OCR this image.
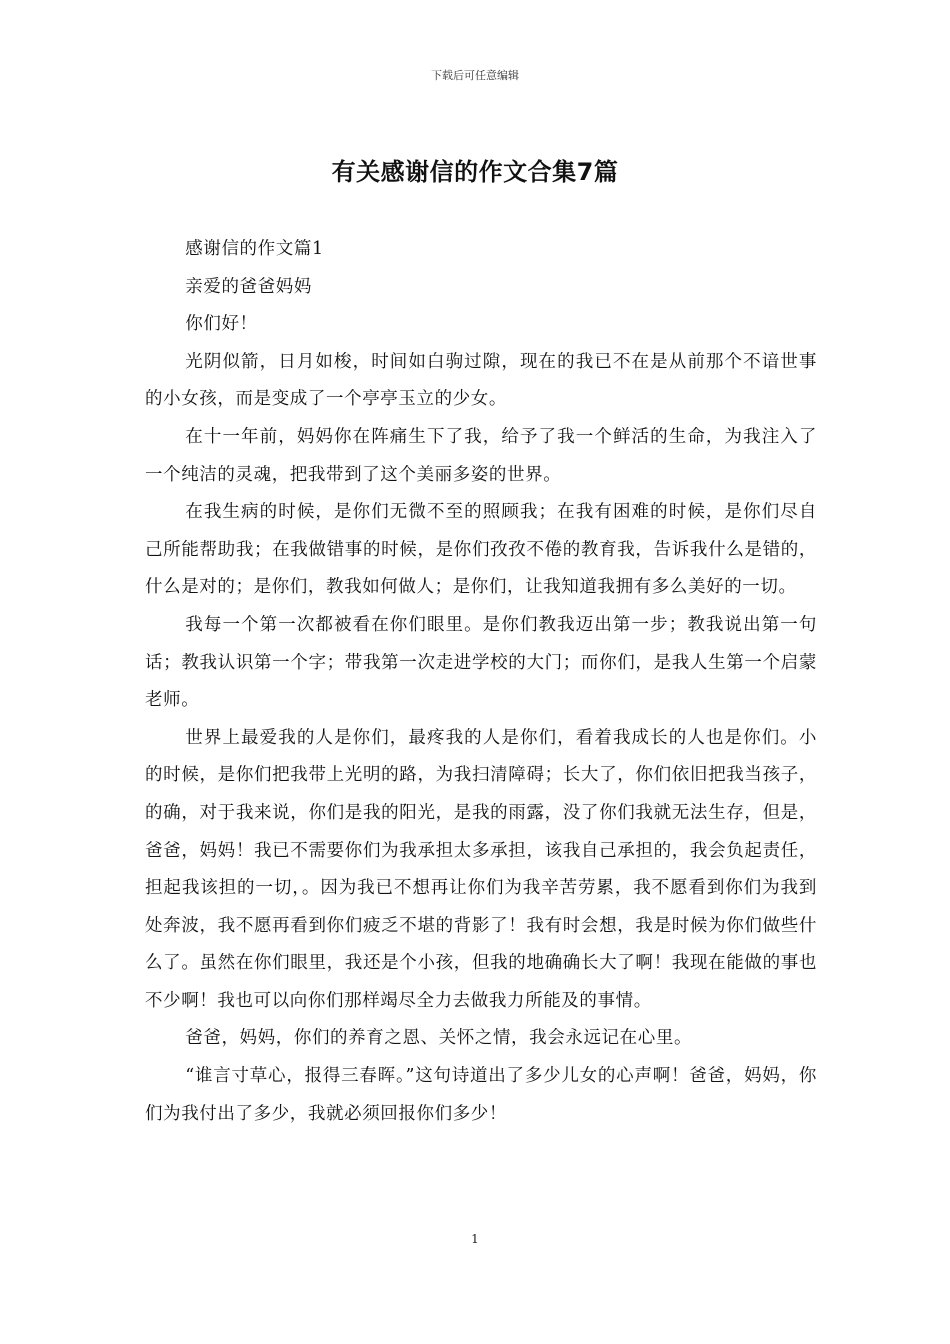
下载后可任意编辑
有关感谢信的作文合集7篇

感谢信的作文篇1

亲爱的爸爸妈妈

你们好！

光阴似箭，日月如梭，时间如白驹过隙，现在的我已不在是从前那个不谙世事的小女孩，而是变成了一个亭亭玉立的少女。

在十一年前，妈妈你在阵痛生下了我，给予了我一个鲜活的生命，为我注入了一个纯洁的灵魂，把我带到了这个美丽多姿的世界。

在我生病的时候，是你们无微不至的照顾我；在我有困难的时候，是你们尽自己所能帮助我；在我做错事的时候，是你们孜孜不倦的教育我，告诉我什么是错的，什么是对的；是你们，教我如何做人；是你们，让我知道我拥有多么美好的一切。

我每一个第一次都被看在你们眼里。是你们教我迈出第一步；教我说出第一句话；教我认识第一个字；带我第一次走进学校的大门；而你们，是我人生第一个启蒙老师。

世界上最爱我的人是你们，最疼我的人是你们，看着我成长的人也是你们。小的时候，是你们把我带上光明的路，为我扫清障碍；长大了，你们依旧把我当孩子，的确，对于我来说，你们是我的阳光，是我的雨露，没了你们我就无法生存，但是，爸爸，妈妈！我已不需要你们为我承担太多承担，该我自己承担的，我会负起责任，担起我该担的一切，。因为我已不想再让你们为我辛苦劳累，我不愿看到你们为我到处奔波，我不愿再看到你们疲乏不堪的背影了！我有时会想，我是时候为你们做些什么了。虽然在你们眼里，我还是个小孩，但我的地确确长大了啊！我现在能做的事也不少啊！我也可以向你们那样竭尽全力去做我力所能及的事情。

爸爸，妈妈，你们的养育之恩、关怀之情，我会永远记在心里。

“谁言寸草心，报得三春晖。”这句诗道出了多少儿女的心声啊！爸爸，妈妈，你们为我付出了多少，我就必须回报你们多少！

1
